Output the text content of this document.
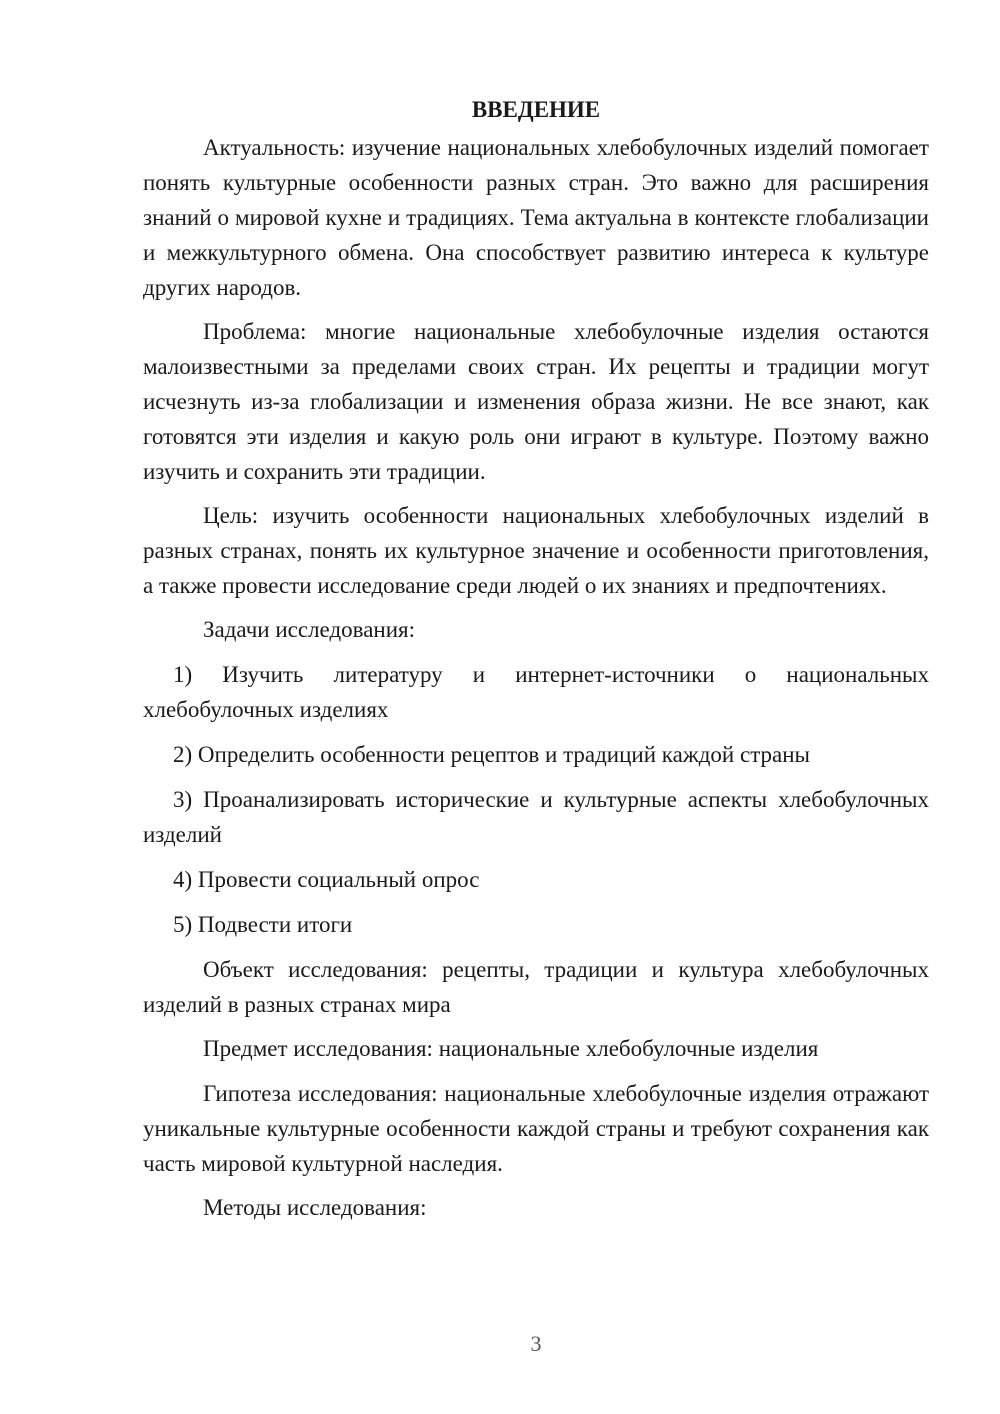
ВВЕДЕНИЕ

Актуальность: изучение национальных хлебобулочных изделий помогает понять культурные особенности разных стран. Это важно для расширения знаний о мировой кухне и традициях. Тема актуальна в контексте глобализации и межкультурного обмена. Она способствует развитию интереса к культуре других народов.

Проблема: многие национальные хлебобулочные изделия остаются малоизвестными за пределами своих стран. Их рецепты и традиции могут исчезнуть из-за глобализации и изменения образа жизни. Не все знают, как готовятся эти изделия и какую роль они играют в культуре. Поэтому важно изучить и сохранить эти традиции.

Цель: изучить особенности национальных хлебобулочных изделий в разных странах, понять их культурное значение и особенности приготовления, а также провести исследование среди людей о их знаниях и предпочтениях.

Задачи исследования:

1) Изучить литературу и интернет-источники о национальных хлебобулочных изделиях

2) Определить особенности рецептов и традиций каждой страны

3) Проанализировать исторические и культурные аспекты хлебобулочных изделий

4) Провести социальный опрос

5) Подвести итоги

Объект исследования: рецепты, традиции и культура хлебобулочных изделий в разных странах мира

Предмет исследования: национальные хлебобулочные изделия

Гипотеза исследования: национальные хлебобулочные изделия отражают уникальные культурные особенности каждой страны и требуют сохранения как часть мировой культурной наследия.

Методы исследования:

3
